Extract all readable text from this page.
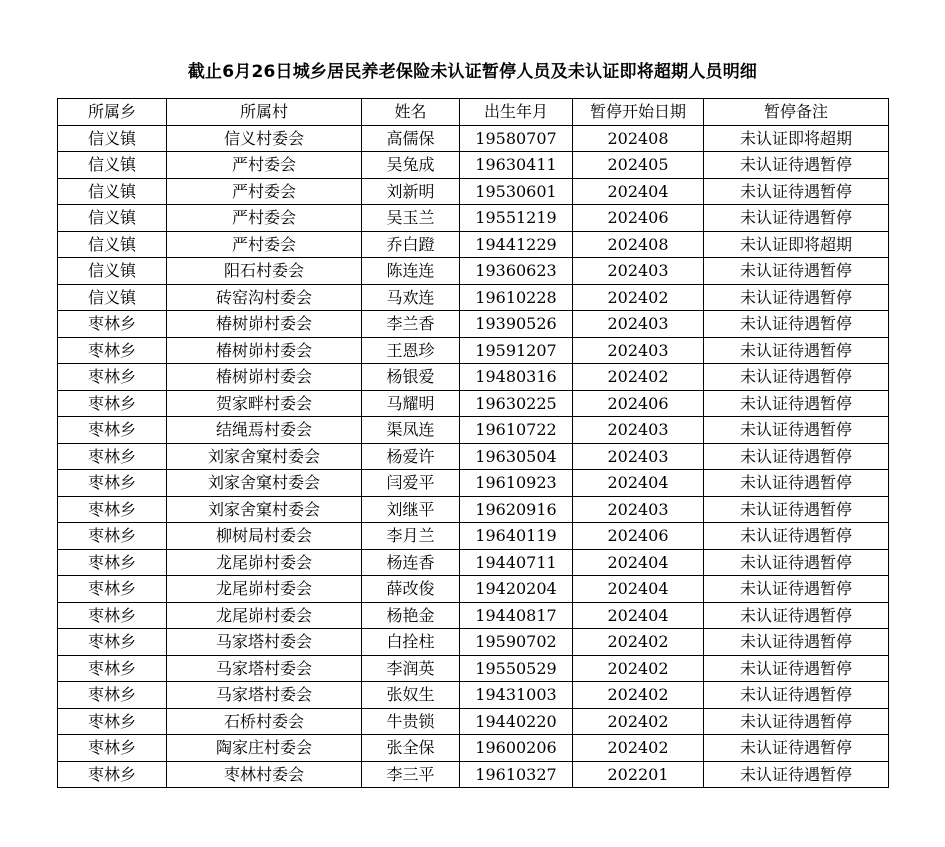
截止6月26日城乡居民养老保险未认证暂停人员及未认证即将超期人员明细
所属乡	所属村	姓名	出生年月	暂停开始日期	暂停备注
信义镇	信义村委会	高儒保	19580707	202408	未认证即将超期
信义镇	严村委会	吴兔成	19630411	202405	未认证待遇暂停
信义镇	严村委会	刘新明	19530601	202404	未认证待遇暂停
信义镇	严村委会	吴玉兰	19551219	202406	未认证待遇暂停
信义镇	严村委会	乔白蹬	19441229	202408	未认证即将超期
信义镇	阳石村委会	陈连连	19360623	202403	未认证待遇暂停
信义镇	砖窑沟村委会	马欢连	19610228	202402	未认证待遇暂停
枣林乡	椿树峁村委会	李兰香	19390526	202403	未认证待遇暂停
枣林乡	椿树峁村委会	王恩珍	19591207	202403	未认证待遇暂停
枣林乡	椿树峁村委会	杨银爱	19480316	202402	未认证待遇暂停
枣林乡	贺家畔村委会	马耀明	19630225	202406	未认证待遇暂停
枣林乡	结绳焉村委会	渠凤连	19610722	202403	未认证待遇暂停
枣林乡	刘家舍窠村委会	杨爱许	19630504	202403	未认证待遇暂停
枣林乡	刘家舍窠村委会	闫爱平	19610923	202404	未认证待遇暂停
枣林乡	刘家舍窠村委会	刘继平	19620916	202403	未认证待遇暂停
枣林乡	柳树局村委会	李月兰	19640119	202406	未认证待遇暂停
枣林乡	龙尾峁村委会	杨连香	19440711	202404	未认证待遇暂停
枣林乡	龙尾峁村委会	薛改俊	19420204	202404	未认证待遇暂停
枣林乡	龙尾峁村委会	杨艳金	19440817	202404	未认证待遇暂停
枣林乡	马家塔村委会	白拴柱	19590702	202402	未认证待遇暂停
枣林乡	马家塔村委会	李润英	19550529	202402	未认证待遇暂停
枣林乡	马家塔村委会	张奴生	19431003	202402	未认证待遇暂停
枣林乡	石桥村委会	牛贵锁	19440220	202402	未认证待遇暂停
枣林乡	陶家庄村委会	张全保	19600206	202402	未认证待遇暂停
枣林乡	枣林村委会	李三平	19610327	202201	未认证待遇暂停
